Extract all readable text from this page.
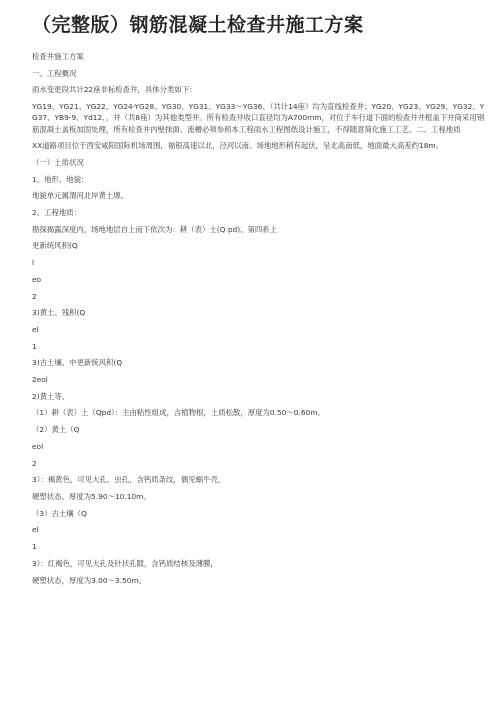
（完整版）钢筋混凝土检查井施工方案

检查井施工方案

一、工程概况

雨水变更段共计22座非标检查井，具体分类如下：

YG19、YG21、YG22、YG24-YG28、YG30、YG31、YG33～YG36、（共计14座）均为直线检查井；YG20、YG23、YG29、YG32、YG37、YB9-9、Yd12、，井（共8座）为其他类型井。所有检查井收口直径均为A700mm，对位于车行道下面的检查井井框盖下井筒采用钢筋混凝土盖板加固处理，所有检查井内壁抹面、流槽必须参照本工程雨水工程图纸设计施工，不得随意简化施工工艺。二、工程地质

XX道路项目位于西安咸阳国际机场周围，福银高速以北，泾河以南。场地地形稍有起伏，呈北高南低，地面最大高差约18m。

（一）土质状况

1、地形、地貌：

地貌单元属渭河北岸黄土塬。

2、工程地质：

勘探揭露深度内，场地地层自上而下依次为：耕（表）土(Q pd)、第四系上

更新统风积(Q

l

eo

2

3)黄土、残积(Q

el

1

3)古土壤、中更新统风积(Q

2eol

2)黄土等。

（1）耕（表）土（Qpd）：主由粘性组成，含植物根，土质松散，厚度为0.50～0.60m。

（2）黄土（Q

eol

2

3）：褐黄色，可见大孔、虫孔，含钙质条纹，偶见蜗牛壳，

硬塑状态。厚度为5.90～10.10m。

（3）古土壤（Q

el

1

3）：红褐色，可见大孔及针状孔隙，含钙质结核及薄膜，

硬塑状态，厚度为3.00～3.50m。
